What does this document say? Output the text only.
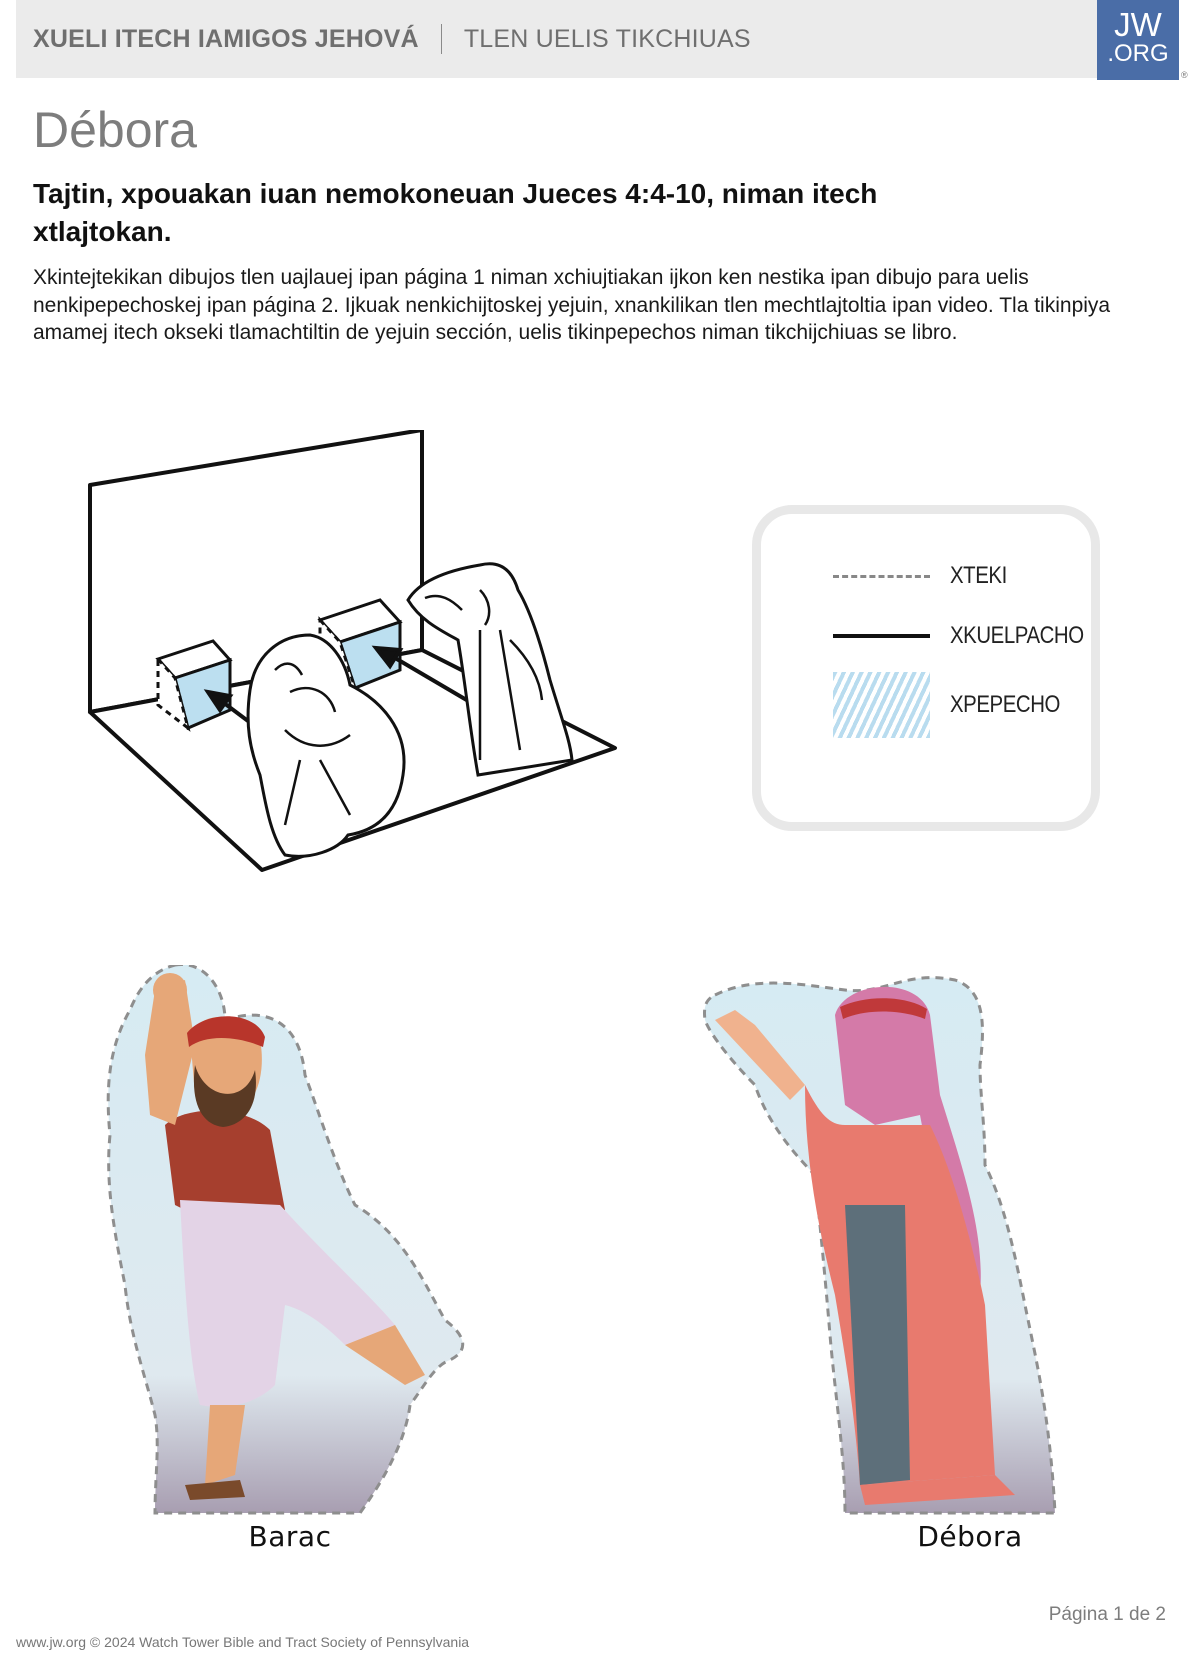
XUELI ITECH IAMIGOS JEHOVÁ TLEN UELIS TIKCHIUAS	JW
.ORG
®
Débora
Tajtin, xpouakan iuan nemokoneuan Jueces 4:4-10, niman itech xtlajtokan.

Xkintejtekikan dibujos tlen uajlauej ipan página 1 niman xchiujtiakan ijkon ken nestika ipan dibujo para uelis nenkipepechoskej ipan página 2. Ijkuak nenkichijtoskej yejuin, xnankilikan tlen mechtlajtoltia ipan video. Tla tikinpiya amamej itech okseki tlamachtiltin de yejuin sección, uelis tikinpepechos niman tikchijchiuas se libro.

XTEKI
XKUELPACHO
XPEPECHO
Barac	Débora
Página 1 de 2
www.jw.org © 2024 Watch Tower Bible and Tract Society of Pennsylvania
